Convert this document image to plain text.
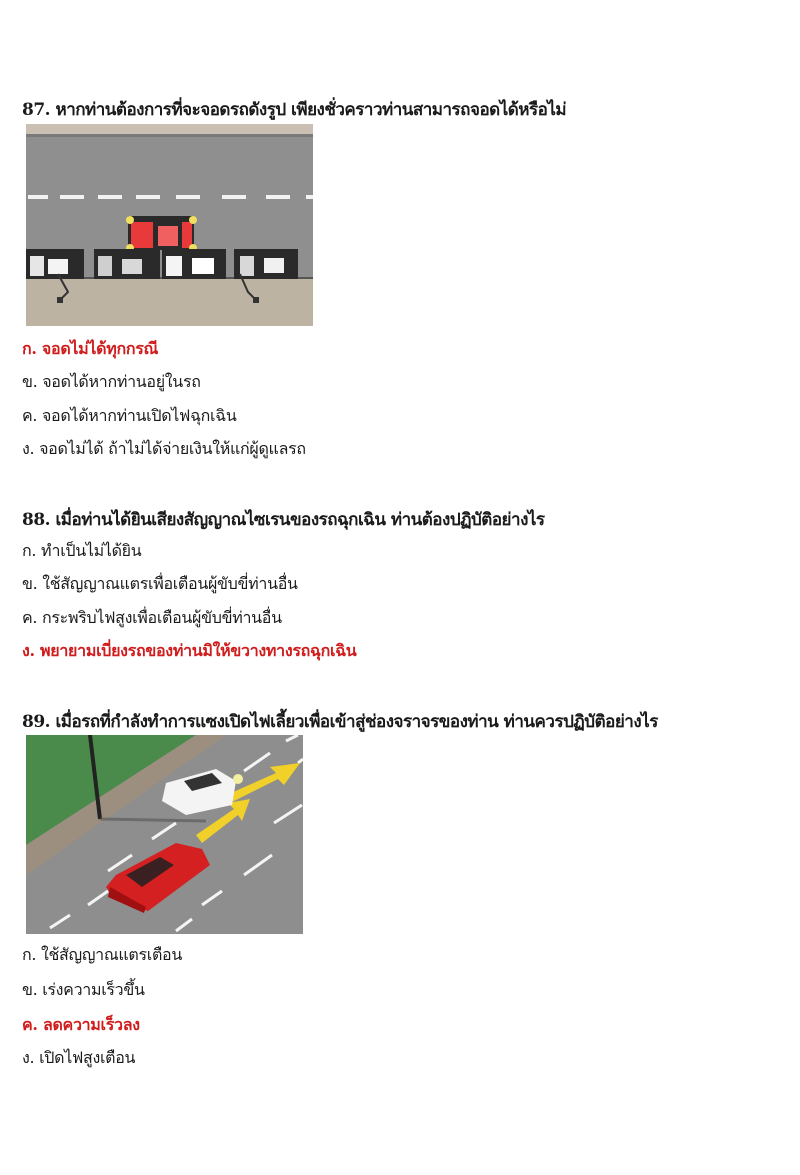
87. หากท่านต้องการที่จะจอดรถดังรูป เพียงชั่วคราวท่านสามารถจอดได้หรือไม่
ก. จอดไม่ได้ทุกกรณี
ข. จอดได้หากท่านอยู่ในรถ
ค. จอดได้หากท่านเปิดไฟฉุกเฉิน
ง. จอดไม่ได้ ถ้าไม่ได้จ่ายเงินให้แก่ผู้ดูแลรถ
88. เมื่อท่านได้ยินเสียงสัญญาณไซเรนของรถฉุกเฉิน ท่านต้องปฏิบัติอย่างไร
ก. ทำเป็นไม่ได้ยิน
ข. ใช้สัญญาณแตรเพื่อเตือนผู้ขับขี่ท่านอื่น
ค. กระพริบไฟสูงเพื่อเตือนผู้ขับขี่ท่านอื่น
ง. พยายามเบี่ยงรถของท่านมิให้ขวางทางรถฉุกเฉิน
89. เมื่อรถที่กำลังทำการแซงเปิดไฟเลี้ยวเพื่อเข้าสู่ช่องจราจรของท่าน ท่านควรปฏิบัติอย่างไร
ก. ใช้สัญญาณแตรเตือน
ข. เร่งความเร็วขึ้น
ค. ลดความเร็วลง
ง. เปิดไฟสูงเตือน
